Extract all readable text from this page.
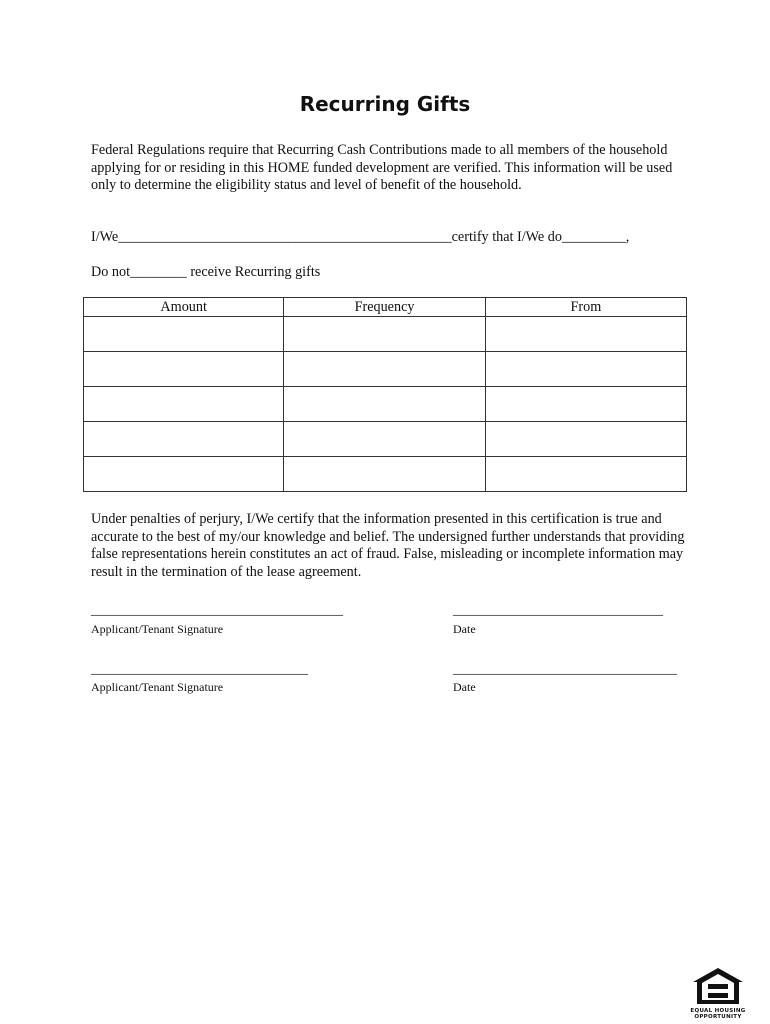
Recurring Gifts
Federal Regulations require that Recurring Cash Contributions made to all members of the household applying for or residing in this HOME funded development are verified. This information will be used only to determine the eligibility status and level of benefit of the household.
I/We_______________________________________________certify that I/We do_________,
Do not________ receive Recurring gifts
Amount	Frequency	From

Under penalties of perjury, I/We certify that the information presented in this certification is true and accurate to the best of my/our knowledge and belief. The undersigned further understands that providing false representations herein constitutes an act of fraud. False, misleading or incomplete information may result in the termination of the lease agreement.
____________________________________
Applicant/Tenant Signature
______________________________
Date
_______________________________
Applicant/Tenant Signature
________________________________
Date
EQUAL HOUSING
OPPORTUNITY
